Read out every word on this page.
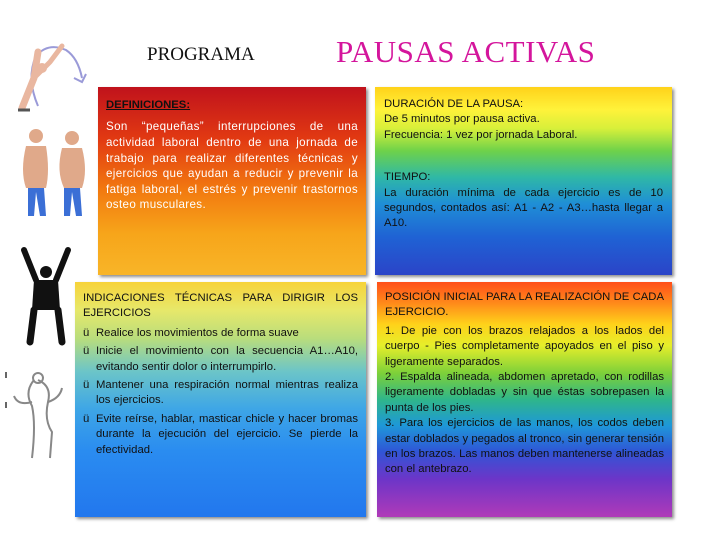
PROGRAMA	PAUSAS ACTIVAS
DEFINICIONES:
Son “pequeñas” interrupciones de una actividad laboral dentro de una jornada de trabajo para realizar diferentes técnicas y ejercicios que ayudan a reducir y prevenir la fatiga laboral, el estrés y prevenir trastornos osteo musculares.
DURACIÓN DE LA PAUSA:
De 5 minutos por pausa activa.
Frecuencia: 1 vez por jornada Laboral.
TIEMPO:
La duración mínima de cada ejercicio es de 10 segundos, contados así: A1 - A2 - A3…hasta llegar a A10.
INDICACIONES TÉCNICAS PARA DIRIGIR LOS EJERCICIOS
ü Realice los movimientos de forma suave
ü Inicie el movimiento con la secuencia A1…A10, evitando sentir dolor o interrumpirlo.
ü Mantener una respiración normal mientras realiza los ejercicios.
ü Evite reírse, hablar, masticar chicle y hacer bromas durante la ejecución del ejercicio. Se pierde la efectividad.

POSICIÓN INICIAL PARA LA REALIZACIÓN DE CADA EJERCICIO.

1. De pie con los brazos relajados a los lados del cuerpo - Pies completamente apoyados en el piso y ligeramente separados.

2. Espalda alineada, abdomen apretado, con rodillas ligeramente dobladas y sin que éstas sobrepasen la punta de los pies.

3. Para los ejercicios de las manos, los codos deben estar doblados y pegados al tronco, sin generar tensión en los brazos. Las manos deben mantenerse alineadas con el antebrazo.
